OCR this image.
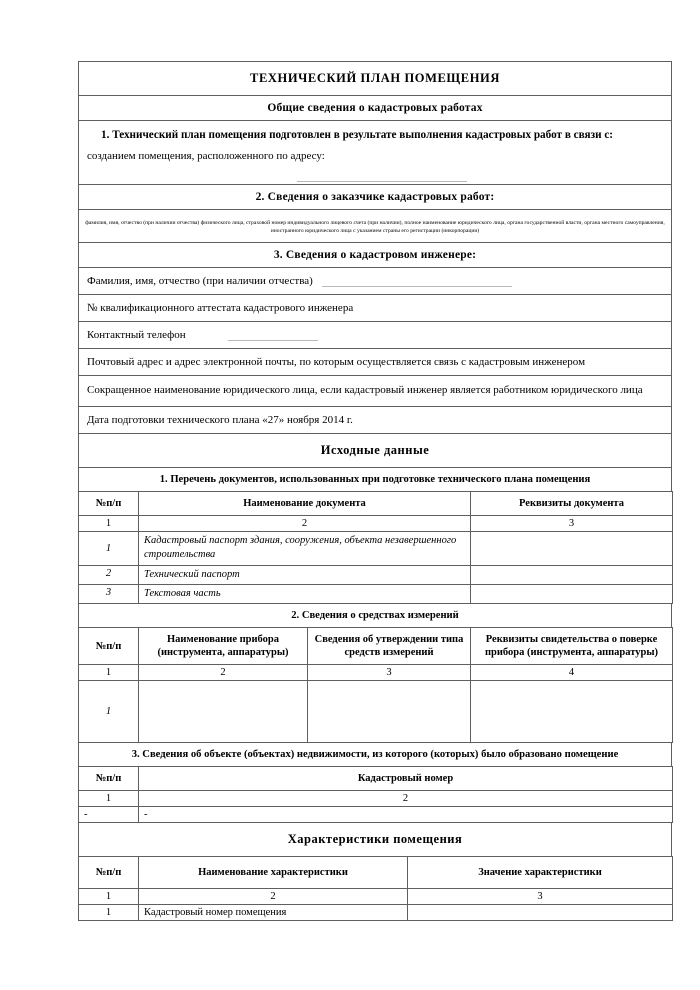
ТЕХНИЧЕСКИЙ ПЛАН ПОМЕЩЕНИЯ
Общие сведения о кадастровых работах
1. Технический план помещения подготовлен в результате выполнения кадастровых работ в связи с:
созданием помещения, расположенного по адресу:
2. Сведения о заказчике кадастровых работ:
фамилия, имя, отчество (при наличии отчества) физического лица, страховой номер индивидуального лицевого счета (при наличии), полное наименование юридического лица, органа государственной власти, органа местного самоуправления, иностранного юридического лица с указанием страны его регистрации (инкорпорации)
3. Сведения о кадастровом инженере:
Фамилия, имя, отчество (при наличии отчества)
№ квалификационного аттестата кадастрового инженера
Контактный телефон
Почтовый адрес и адрес электронной почты, по которым осуществляется связь с кадастровым инженером
Сокращенное наименование юридического лица, если кадастровый инженер является работником юридического лица
Дата подготовки технического плана «27» ноября 2014 г.
Исходные данные
1. Перечень документов, использованных при подготовке технического плана помещения
№п/п	Наименование документа	Реквизиты документа
1	2	3
1	Кадастровый паспорт здания, сооружения, объекта незавершенного строительства	
2	Технический паспорт	
3	Текстовая часть	
2. Сведения о средствах измерений
№п/п	Наименование прибора (инструмента, аппаратуры)	Сведения об утверждении типа средств измерений	Реквизиты свидетельства о поверке прибора (инструмента, аппаратуры)
1	2	3	4
1			
3. Сведения об объекте (объектах) недвижимости, из которого (которых) было образовано помещение
№п/п	Кадастровый номер
1	2
-	-
Характеристики помещения
№п/п	Наименование характеристики	Значение характеристики
1	2	3
1	Кадастровый номер помещения	
